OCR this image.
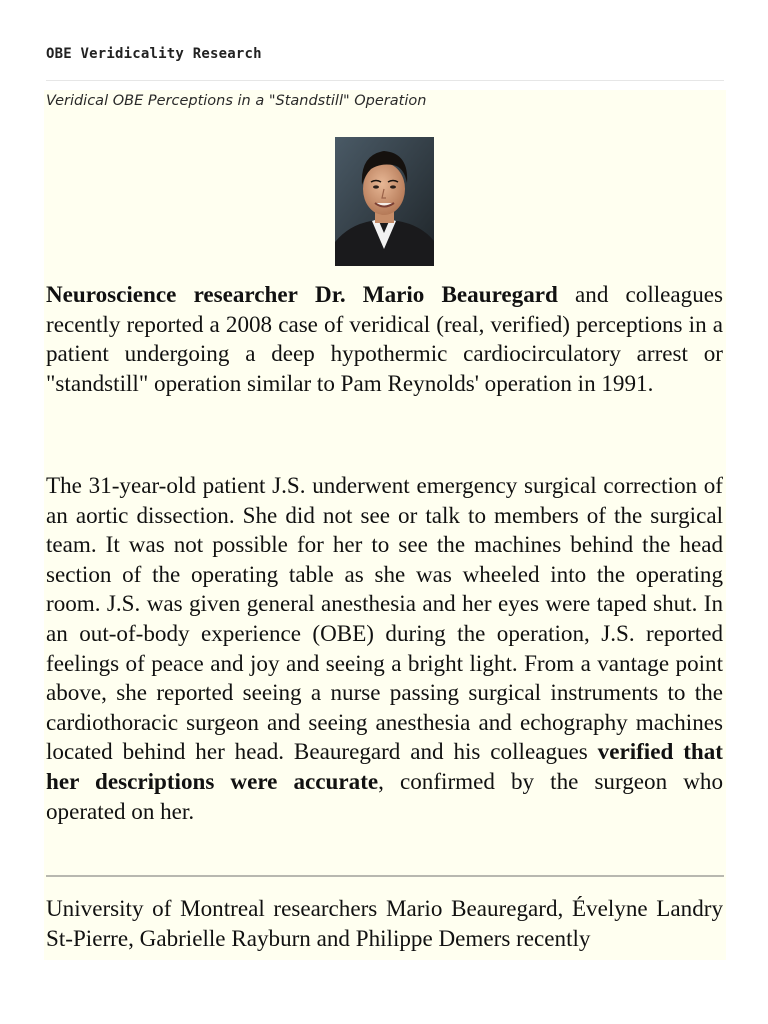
OBE Veridicality Research
Veridical OBE Perceptions in a "Standstill" Operation

Neuroscience researcher Dr. Mario Beauregard and colleagues recently reported a 2008 case of veridical (real, verified) perceptions in a patient undergoing a deep hypothermic cardiocirculatory arrest or "standstill" operation similar to Pam Reynolds' operation in 1991.

The 31-year-old patient J.S. underwent emergency surgical correction of an aortic dissection. She did not see or talk to members of the surgical team. It was not possible for her to see the machines behind the head section of the operating table as she was wheeled into the operating room. J.S. was given general anesthesia and her eyes were taped shut. In an out-of-body experience (OBE) during the operation, J.S. reported feelings of peace and joy and seeing a bright light. From a vantage point above, she reported seeing a nurse passing surgical instruments to the cardiothoracic surgeon and seeing anesthesia and echography machines located behind her head. Beauregard and his colleagues verified that her descriptions were accurate, confirmed by the surgeon who operated on her.

University of Montreal researchers Mario Beauregard, Évelyne Landry St-Pierre, Gabrielle Rayburn and Philippe Demers recently
